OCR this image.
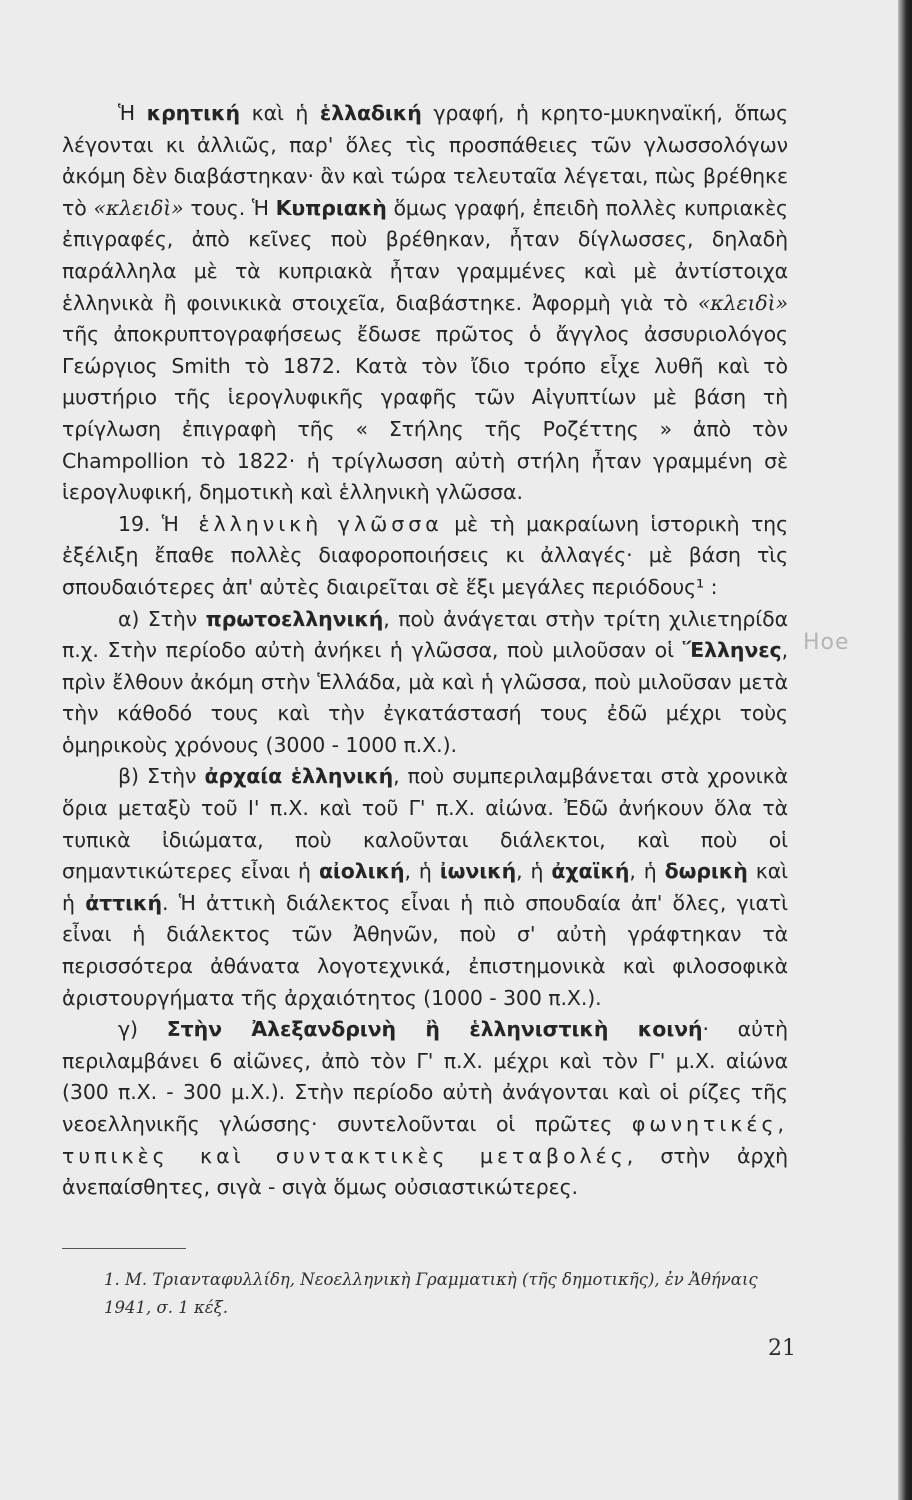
Ἡ κρητική καὶ ἡ ἑλλαδική γραφή, ἡ κρητο-μυκηναϊκή, ὅπως λέγονται κι ἀλλιῶς, παρ' ὅλες τὶς προσπάθειες τῶν γλωσσολόγων ἀκόμη δὲν διαβάστηκαν· ἂν καὶ τώρα τελευταῖα λέγεται, πὼς βρέθηκε τὸ «κλειδὶ» τους. Ἡ Κυπριακὴ ὅμως γραφή, ἐπειδὴ πολλὲς κυπριακὲς ἐπιγραφές, ἀπὸ κεῖνες ποὺ βρέθηκαν, ἦταν δίγλωσσες, δηλαδὴ παράλληλα μὲ τὰ κυπριακὰ ἦταν γραμμένες καὶ μὲ ἀντίστοιχα ἑλληνικὰ ἢ φοινικικὰ στοιχεῖα, διαβάστηκε. Ἀφορμὴ γιὰ τὸ «κλειδὶ» τῆς ἀποκρυπτογραφήσεως ἔδωσε πρῶτος ὁ ἄγγλος ἀσσυριολόγος Γεώργιος Smith τὸ 1872. Κατὰ τὸν ἴδιο τρόπο εἶχε λυθῆ καὶ τὸ μυστήριο τῆς ἱερογλυφικῆς γραφῆς τῶν Αἰγυπτίων μὲ βάση τὴ τρίγλωση ἐπιγραφὴ τῆς « Στήλης τῆς Ροζέττης » ἀπὸ τὸν Champollion τὸ 1822· ἡ τρίγλωσση αὐτὴ στήλη ἦταν γραμμένη σὲ ἱερογλυφική, δημοτικὴ καὶ ἑλληνικὴ γλῶσσα.

19. Ἡ ἑλληνικὴ γλῶσσα μὲ τὴ μακραίωνη ἱστορικὴ της ἐξέλιξη ἔπαθε πολλὲς διαφοροποιήσεις κι ἀλλαγές· μὲ βάση τὶς σπουδαιότερες ἀπ' αὐτὲς διαιρεῖται σὲ ἕξι μεγάλες περιόδους¹ :

α) Στὴν πρωτοελληνική, ποὺ ἀνάγεται στὴν τρίτη χιλιετηρίδα π.χ. Στὴν περίοδο αὐτὴ ἀνήκει ἡ γλῶσσα, ποὺ μιλοῦσαν οἱ Ἕλληνες, πρὶν ἔλθουν ἀκόμη στὴν Ἑλλάδα, μὰ καὶ ἡ γλῶσσα, ποὺ μιλοῦσαν μετὰ τὴν κάθοδό τους καὶ τὴν ἐγκατάστασή τους ἐδῶ μέχρι τοὺς ὁμηρικοὺς χρόνους (3000 - 1000 π.Χ.).

β) Στὴν ἀρχαία ἑλληνική, ποὺ συμπεριλαμβάνεται στὰ χρονικὰ ὅρια μεταξὺ τοῦ Ι' π.Χ. καὶ τοῦ Γ' π.Χ. αἰώνα. Ἐδῶ ἀνήκουν ὅλα τὰ τυπικὰ ἰδιώματα, ποὺ καλοῦνται διάλεκτοι, καὶ ποὺ οἱ σημαντικώτερες εἶναι ἡ αἰολική, ἡ ἰωνική, ἡ ἀχαϊκή, ἡ δωρικὴ καὶ ἡ ἀττική. Ἡ ἀττικὴ διάλεκτος εἶναι ἡ πιὸ σπουδαία ἀπ' ὅλες, γιατὶ εἶναι ἡ διάλεκτος τῶν Ἀθηνῶν, ποὺ σ' αὐτὴ γράφτηκαν τὰ περισσότερα ἀθάνατα λογοτεχνικά, ἐπιστημονικὰ καὶ φιλοσοφικὰ ἀριστουργήματα τῆς ἀρχαιότητος (1000 - 300 π.Χ.).

γ) Στὴν Ἀλεξανδρινὴ ἢ ἑλληνιστικὴ κοινή· αὐτὴ περιλαμβάνει 6 αἰῶνες, ἀπὸ τὸν Γ' π.Χ. μέχρι καὶ τὸν Γ' μ.Χ. αἰώνα (300 π.Χ. - 300 μ.Χ.). Στὴν περίοδο αὐτὴ ἀνάγονται καὶ οἱ ρίζες τῆς νεοελληνικῆς γλώσσης· συντελοῦνται οἱ πρῶτες φωνητικές, τυπικὲς καὶ συντακτικὲς μεταβολές, στὴν ἀρχὴ ἀνεπαίσθητες, σιγὰ - σιγὰ ὅμως οὐσιαστικώτερες.

1. Μ. Τριανταφυλλίδη, Νεοελληνικὴ Γραμματικὴ (τῆς δημοτικῆς), ἐν Ἀθήναις 1941, σ. 1 κέξ.
Hoe
21
